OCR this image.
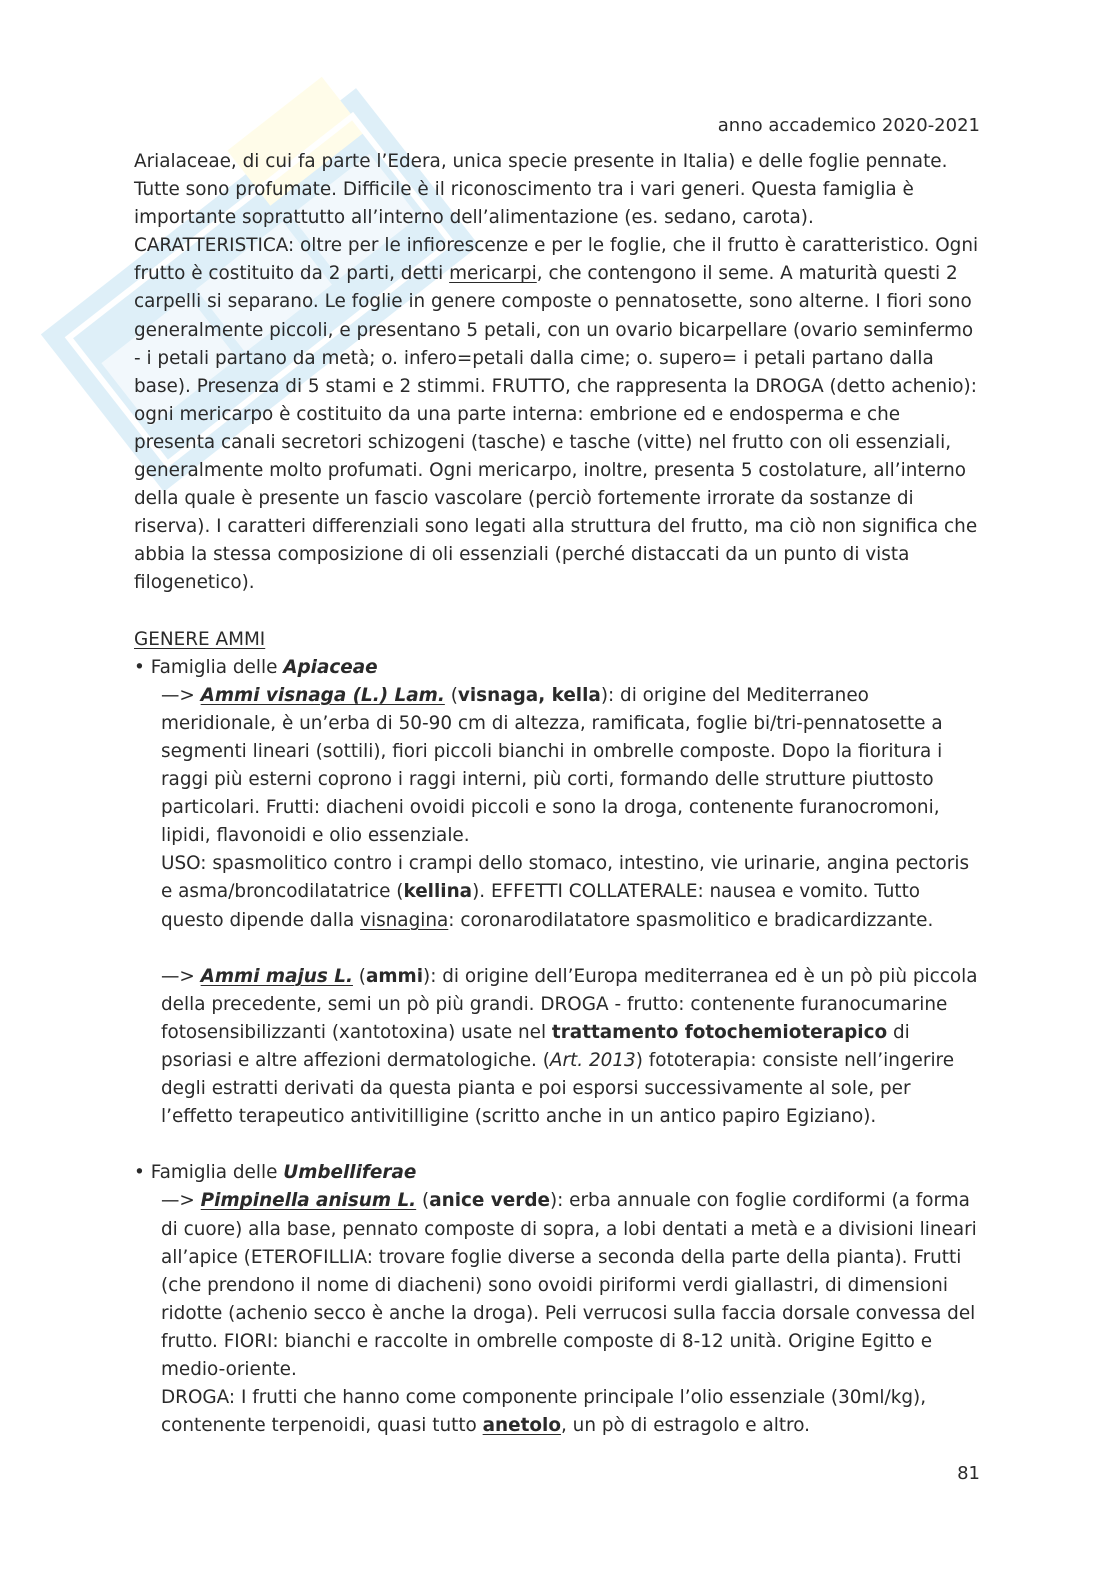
anno accademico 2020-2021

Arialaceae, di cui fa parte l’Edera, unica specie presente in Italia) e delle foglie pennate. Tutte sono profumate. Difficile è il riconoscimento tra i vari generi. Questa famiglia è importante soprattutto all’interno dell’alimentazione (es. sedano, carota).

CARATTERISTICA: oltre per le infiorescenze e per le foglie, che il frutto è caratteristico. Ogni frutto è costituito da 2 parti, detti mericarpi, che contengono il seme. A maturità questi 2 carpelli si separano. Le foglie in genere composte o pennatosette, sono alterne. I fiori sono generalmente piccoli, e presentano 5 petali, con un ovario bicarpellare (ovario seminfermo - i petali partano da metà; o. infero=petali dalla cime; o. supero= i petali partano dalla base). Presenza di 5 stami e 2 stimmi. FRUTTO, che rappresenta la DROGA (detto achenio): ogni mericarpo è costituito da una parte interna: embrione ed e endosperma e che presenta canali secretori schizogeni (tasche) e tasche (vitte) nel frutto con oli essenziali, generalmente molto profumati. Ogni mericarpo, inoltre, presenta 5 costolature, all’interno della quale è presente un fascio vascolare (perciò fortemente irrorate da sostanze di riserva). I caratteri differenziali sono legati alla struttura del frutto, ma ciò non significa che abbia la stessa composizione di oli essenziali (perché distaccati da un punto di vista filogenetico).

GENERE AMMI

• Famiglia delle Apiaceae

—> Ammi visnaga (L.) Lam. (visnaga, kella): di origine del Mediterraneo meridionale, è un’erba di 50-90 cm di altezza, ramificata, foglie bi/tri-pennatosette a segmenti lineari (sottili), fiori piccoli bianchi in ombrelle composte. Dopo la fioritura i raggi più esterni coprono i raggi interni, più corti, formando delle strutture piuttosto particolari. Frutti: diacheni ovoidi piccoli e sono la droga, contenente furanocromoni, lipidi, flavonoidi e olio essenziale.

USO: spasmolitico contro i crampi dello stomaco, intestino, vie urinarie, angina pectoris e asma/broncodilatatrice (kellina). EFFETTI COLLATERALE: nausea e vomito. Tutto questo dipende dalla visnagina: coronarodilatatore spasmolitico e bradicardizzante.

—> Ammi majus L. (ammi): di origine dell’Europa mediterranea ed è un pò più piccola della precedente, semi un pò più grandi. DROGA - frutto: contenente furanocumarine fotosensibilizzanti (xantotoxina) usate nel trattamento fotochemioterapico di psoriasi e altre affezioni dermatologiche. (Art. 2013) fototerapia: consiste nell’ingerire degli estratti derivati da questa pianta e poi esporsi successivamente al sole, per l’effetto terapeutico antivitilligine (scritto anche in un antico papiro Egiziano).

• Famiglia delle Umbelliferae

—> Pimpinella anisum L. (anice verde): erba annuale con foglie cordiformi (a forma di cuore) alla base, pennato composte di sopra, a lobi dentati a metà e a divisioni lineari all’apice (ETEROFILLIA: trovare foglie diverse a seconda della parte della pianta). Frutti (che prendono il nome di diacheni) sono ovoidi piriformi verdi giallastri, di dimensioni ridotte (achenio secco è anche la droga). Peli verrucosi sulla faccia dorsale convessa del frutto. FIORI: bianchi e raccolte in ombrelle composte di 8-12 unità. Origine Egitto e medio-oriente.

DROGA: I frutti che hanno come componente principale l’olio essenziale (30ml/kg), contenente terpenoidi, quasi tutto anetolo, un pò di estragolo e altro.

81
